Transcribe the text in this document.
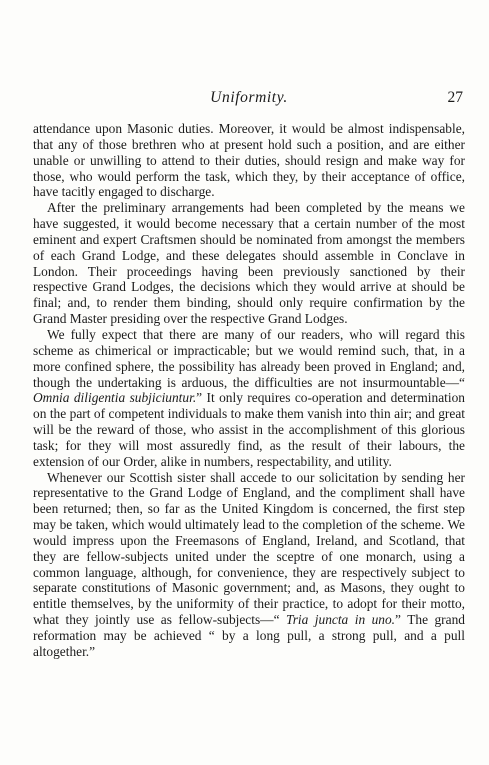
Uniformity.	27

attendance upon Masonic duties. Moreover, it would be almost indispensable, that any of those brethren who at present hold such a position, and are either unable or unwilling to attend to their duties, should resign and make way for those, who would perform the task, which they, by their acceptance of office, have tacitly engaged to discharge.

After the preliminary arrangements had been completed by the means we have suggested, it would become necessary that a certain number of the most eminent and expert Craftsmen should be nominated from amongst the members of each Grand Lodge, and these delegates should assemble in Conclave in London. Their proceedings having been previously sanctioned by their respective Grand Lodges, the decisions which they would arrive at should be final; and, to render them binding, should only require confirmation by the Grand Master presiding over the respective Grand Lodges.

We fully expect that there are many of our readers, who will regard this scheme as chimerical or impracticable; but we would remind such, that, in a more confined sphere, the possibility has already been proved in England; and, though the undertaking is arduous, the difficulties are not insurmountable—“ Omnia diligentia subjiciuntur.” It only requires co-operation and determination on the part of competent individuals to make them vanish into thin air; and great will be the reward of those, who assist in the accomplishment of this glorious task; for they will most assuredly find, as the result of their labours, the extension of our Order, alike in numbers, respectability, and utility.

Whenever our Scottish sister shall accede to our solicitation by sending her representative to the Grand Lodge of England, and the compliment shall have been returned; then, so far as the United Kingdom is concerned, the first step may be taken, which would ultimately lead to the completion of the scheme. We would impress upon the Freemasons of England, Ireland, and Scotland, that they are fellow-subjects united under the sceptre of one monarch, using a common language, although, for convenience, they are respectively subject to separate constitutions of Masonic government; and, as Masons, they ought to entitle themselves, by the uniformity of their practice, to adopt for their motto, what they jointly use as fellow-subjects—“ Tria juncta in uno.” The grand reformation may be achieved “ by a long pull, a strong pull, and a pull altogether.”
